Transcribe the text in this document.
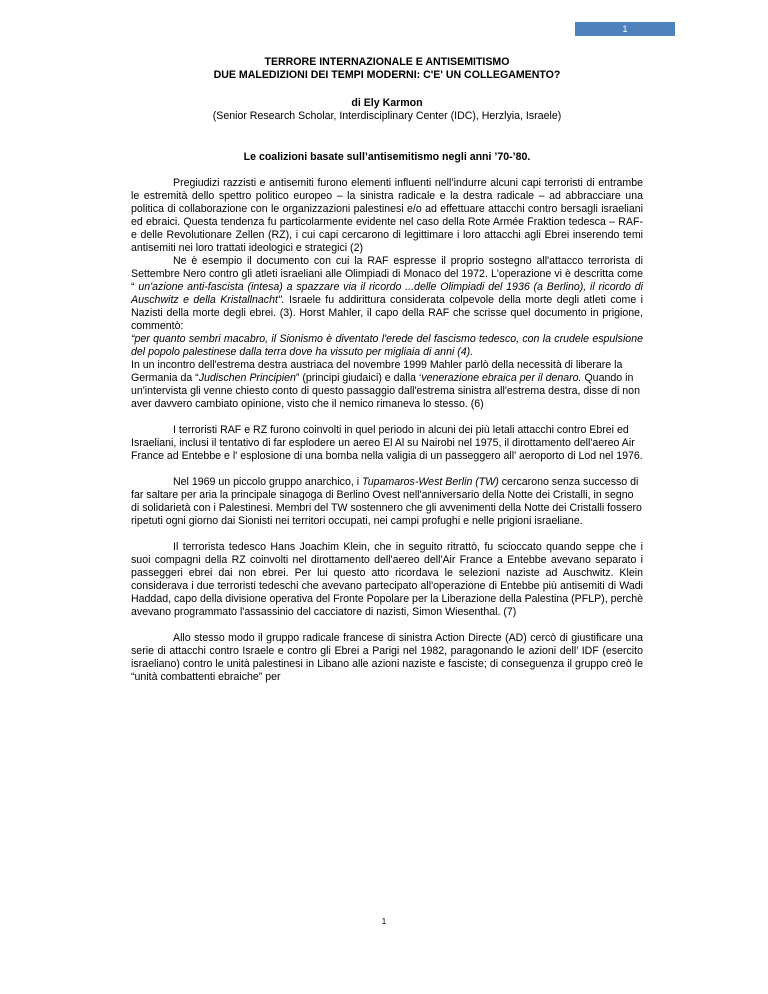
1
TERRORE INTERNAZIONALE E ANTISEMITISMO
DUE MALEDIZIONI DEI TEMPI MODERNI: C'E' UN COLLEGAMENTO?
di Ely Karmon
(Senior Research Scholar, Interdisciplinary Center (IDC), Herzlyia, Israele)
Le coalizioni basate sull’antisemitismo negli anni ’70-’80.

Pregiudizi razzisti e antisemiti furono elementi influenti nell’indurre alcuni capi terroristi di entrambe le estremità dello spettro politico europeo – la sinistra radicale e la destra radicale – ad abbracciare una politica di collaborazione con le organizzazioni palestinesi e/o ad effettuare attacchi contro bersagli israeliani ed ebraici. Questa tendenza fu particolarmente evidente nel caso della Rote Armée Fraktion tedesca – RAF- e delle Revolutionare Zellen (RZ), i cui capi cercarono di legittimare i loro attacchi agli Ebrei inserendo temi antisemiti nei loro trattati ideologici e strategici (2)

Ne è esempio il documento con cui la RAF espresse il proprio sostegno all'attacco terrorista di Settembre Nero contro gli atleti israeliani alle Olimpiadi di Monaco del 1972. L'operazione vi è descritta come “ un'azione anti-fascista (intesa) a spazzare via il ricordo ...delle Olimpiadi del 1936 (a Berlino), il ricordo di Auschwitz e della Kristallnacht". Israele fu addirittura considerata colpevole della morte degli atleti come i Nazisti della morte degli ebrei. (3). Horst Mahler, il capo della RAF che scrisse quel documento in prigione, commentò:

“per quanto sembri macabro, il Sionismo è diventato l'erede del fascismo tedesco, con la crudele espulsione del popolo palestinese dalla terra dove ha vissuto per migliaia di anni (4).

In un incontro dell'estrema destra austriaca del novembre 1999 Mahler parlò della necessità di liberare la Germania da “Judischen Principien” (principi giudaici) e dalla ‘venerazione ebraica per il denaro. Quando in un'intervista gli venne chiesto conto di questo passaggio dall'estrema sinistra all'estrema destra, disse di non aver davvero cambiato opinione, visto che il nemico rimaneva lo stesso. (6)

I terroristi RAF e RZ furono coinvolti in quel periodo in alcuni dei più letali attacchi contro Ebrei ed Israeliani, inclusi il tentativo di far esplodere un aereo El Al su Nairobi nel 1975, il dirottamento dell'aereo Air France ad Entebbe e l' esplosione di una bomba nella valigia di un passeggero all' aeroporto di Lod nel 1976.

Nel 1969 un piccolo gruppo anarchico, i Tupamaros-West Berlin (TW) cercarono senza successo di far saltare per aria la principale sinagoga di Berlino Ovest nell'anniversario della Notte dei Cristalli, in segno di solidarietà con i Palestinesi. Membri del TW sostennero che gli avvenimenti della Notte dei Cristalli fossero ripetuti ogni giorno dai Sionisti nei territori occupati, nei campi profughi e nelle prigioni israeliane.

Il terrorista tedesco Hans Joachim Klein, che in seguito ritrattò, fu scioccato quando seppe che i suoi compagni della RZ coinvolti nel dirottamento dell'aereo dell'Air France a Entebbe avevano separato i passeggeri ebrei dai non ebrei. Per lui questo atto ricordava le selezioni naziste ad Auschwitz. Klein considerava i due terroristi tedeschi che avevano partecipato all'operazione di Entebbe più antisemiti di Wadi Haddad, capo della divisione operativa del Fronte Popolare per la Liberazione della Palestina (PFLP), perchè avevano programmato l'assassinio del cacciatore di nazisti, Simon Wiesenthal. (7)

Allo stesso modo il gruppo radicale francese di sinistra Action Directe (AD) cercò di giustificare una serie di attacchi contro Israele e contro gli Ebrei a Parigi nel 1982, paragonando le azioni dell’ IDF (esercito israeliano) contro le unità palestinesi in Libano alle azioni naziste e fasciste; di conseguenza il gruppo creò le “unità combattenti ebraiche” per

1
